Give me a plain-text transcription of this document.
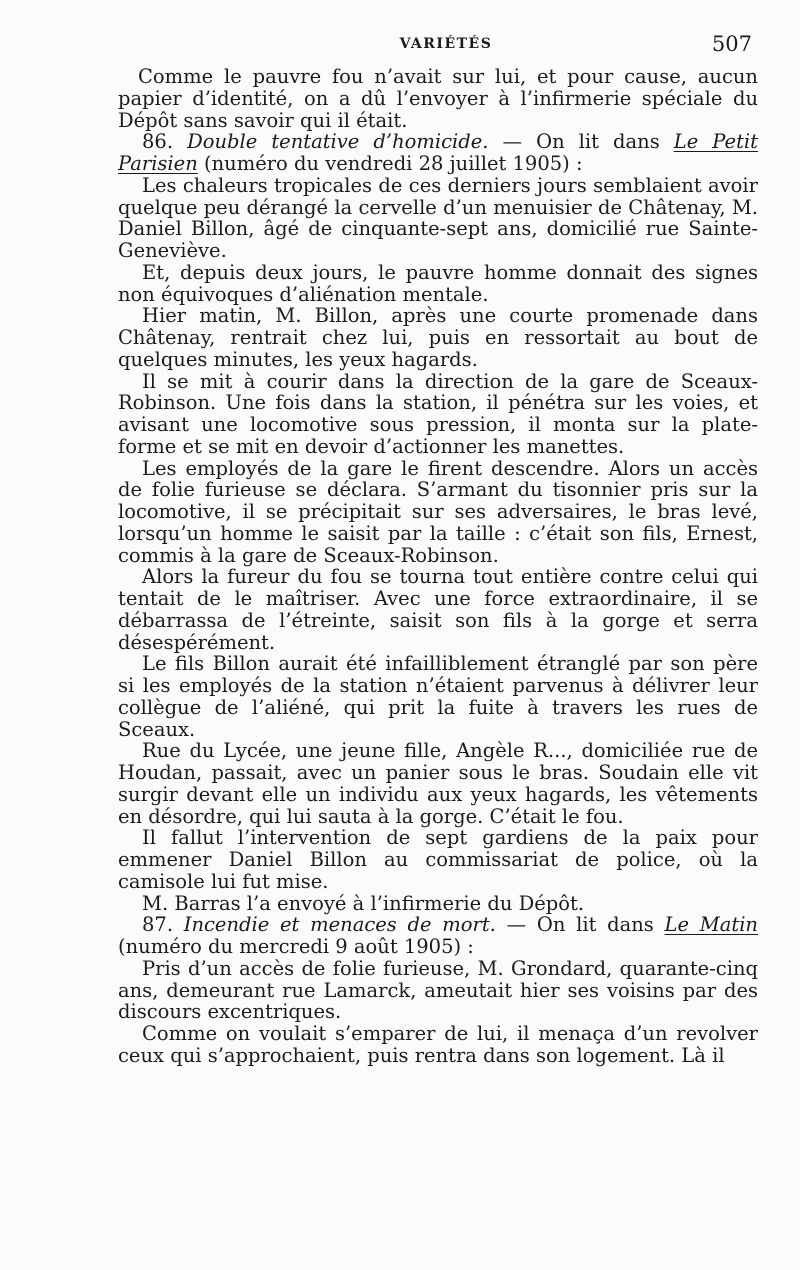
VARIÉTÉS	507

Comme le pauvre fou n’avait sur lui, et pour cause, aucun papier d’identité, on a dû l’envoyer à l’infirmerie spéciale du Dépôt sans savoir qui il était.

86. Double tentative d’homicide. — On lit dans Le Petit Parisien (numéro du vendredi 28 juillet 1905) :

Les chaleurs tropicales de ces derniers jours semblaient avoir quelque peu dérangé la cervelle d’un menuisier de Châtenay, M. Daniel Billon, âgé de cinquante-sept ans, domicilié rue Sainte-Geneviève.

Et, depuis deux jours, le pauvre homme donnait des signes non équivoques d’aliénation mentale.

Hier matin, M. Billon, après une courte promenade dans Châtenay, rentrait chez lui, puis en ressortait au bout de quelques minutes, les yeux hagards.

Il se mit à courir dans la direction de la gare de Sceaux-Robinson. Une fois dans la station, il pénétra sur les voies, et avisant une locomotive sous pression, il monta sur la plate-forme et se mit en devoir d’actionner les manettes.

Les employés de la gare le firent descendre. Alors un accès de folie furieuse se déclara. S’armant du tisonnier pris sur la locomotive, il se précipitait sur ses adversaires, le bras levé, lorsqu’un homme le saisit par la taille : c’était son fils, Ernest, commis à la gare de Sceaux-Robinson.

Alors la fureur du fou se tourna tout entière contre celui qui tentait de le maîtriser. Avec une force extraordinaire, il se débarrassa de l’étreinte, saisit son fils à la gorge et serra désespérément.

Le fils Billon aurait été infailliblement étranglé par son père si les employés de la station n’étaient parvenus à délivrer leur collègue de l’aliéné, qui prit la fuite à travers les rues de Sceaux.

Rue du Lycée, une jeune fille, Angèle R..., domiciliée rue de Houdan, passait, avec un panier sous le bras. Soudain elle vit surgir devant elle un individu aux yeux hagards, les vêtements en désordre, qui lui sauta à la gorge. C’était le fou.

Il fallut l’intervention de sept gardiens de la paix pour emmener Daniel Billon au commissariat de police, où la camisole lui fut mise.

M. Barras l’a envoyé à l’infirmerie du Dépôt.

87. Incendie et menaces de mort. — On lit dans Le Matin (numéro du mercredi 9 août 1905) :

Pris d’un accès de folie furieuse, M. Grondard, quarante-cinq ans, demeurant rue Lamarck, ameutait hier ses voisins par des discours excentriques.

Comme on voulait s’emparer de lui, il menaça d’un revolver ceux qui s’approchaient, puis rentra dans son logement. Là il
